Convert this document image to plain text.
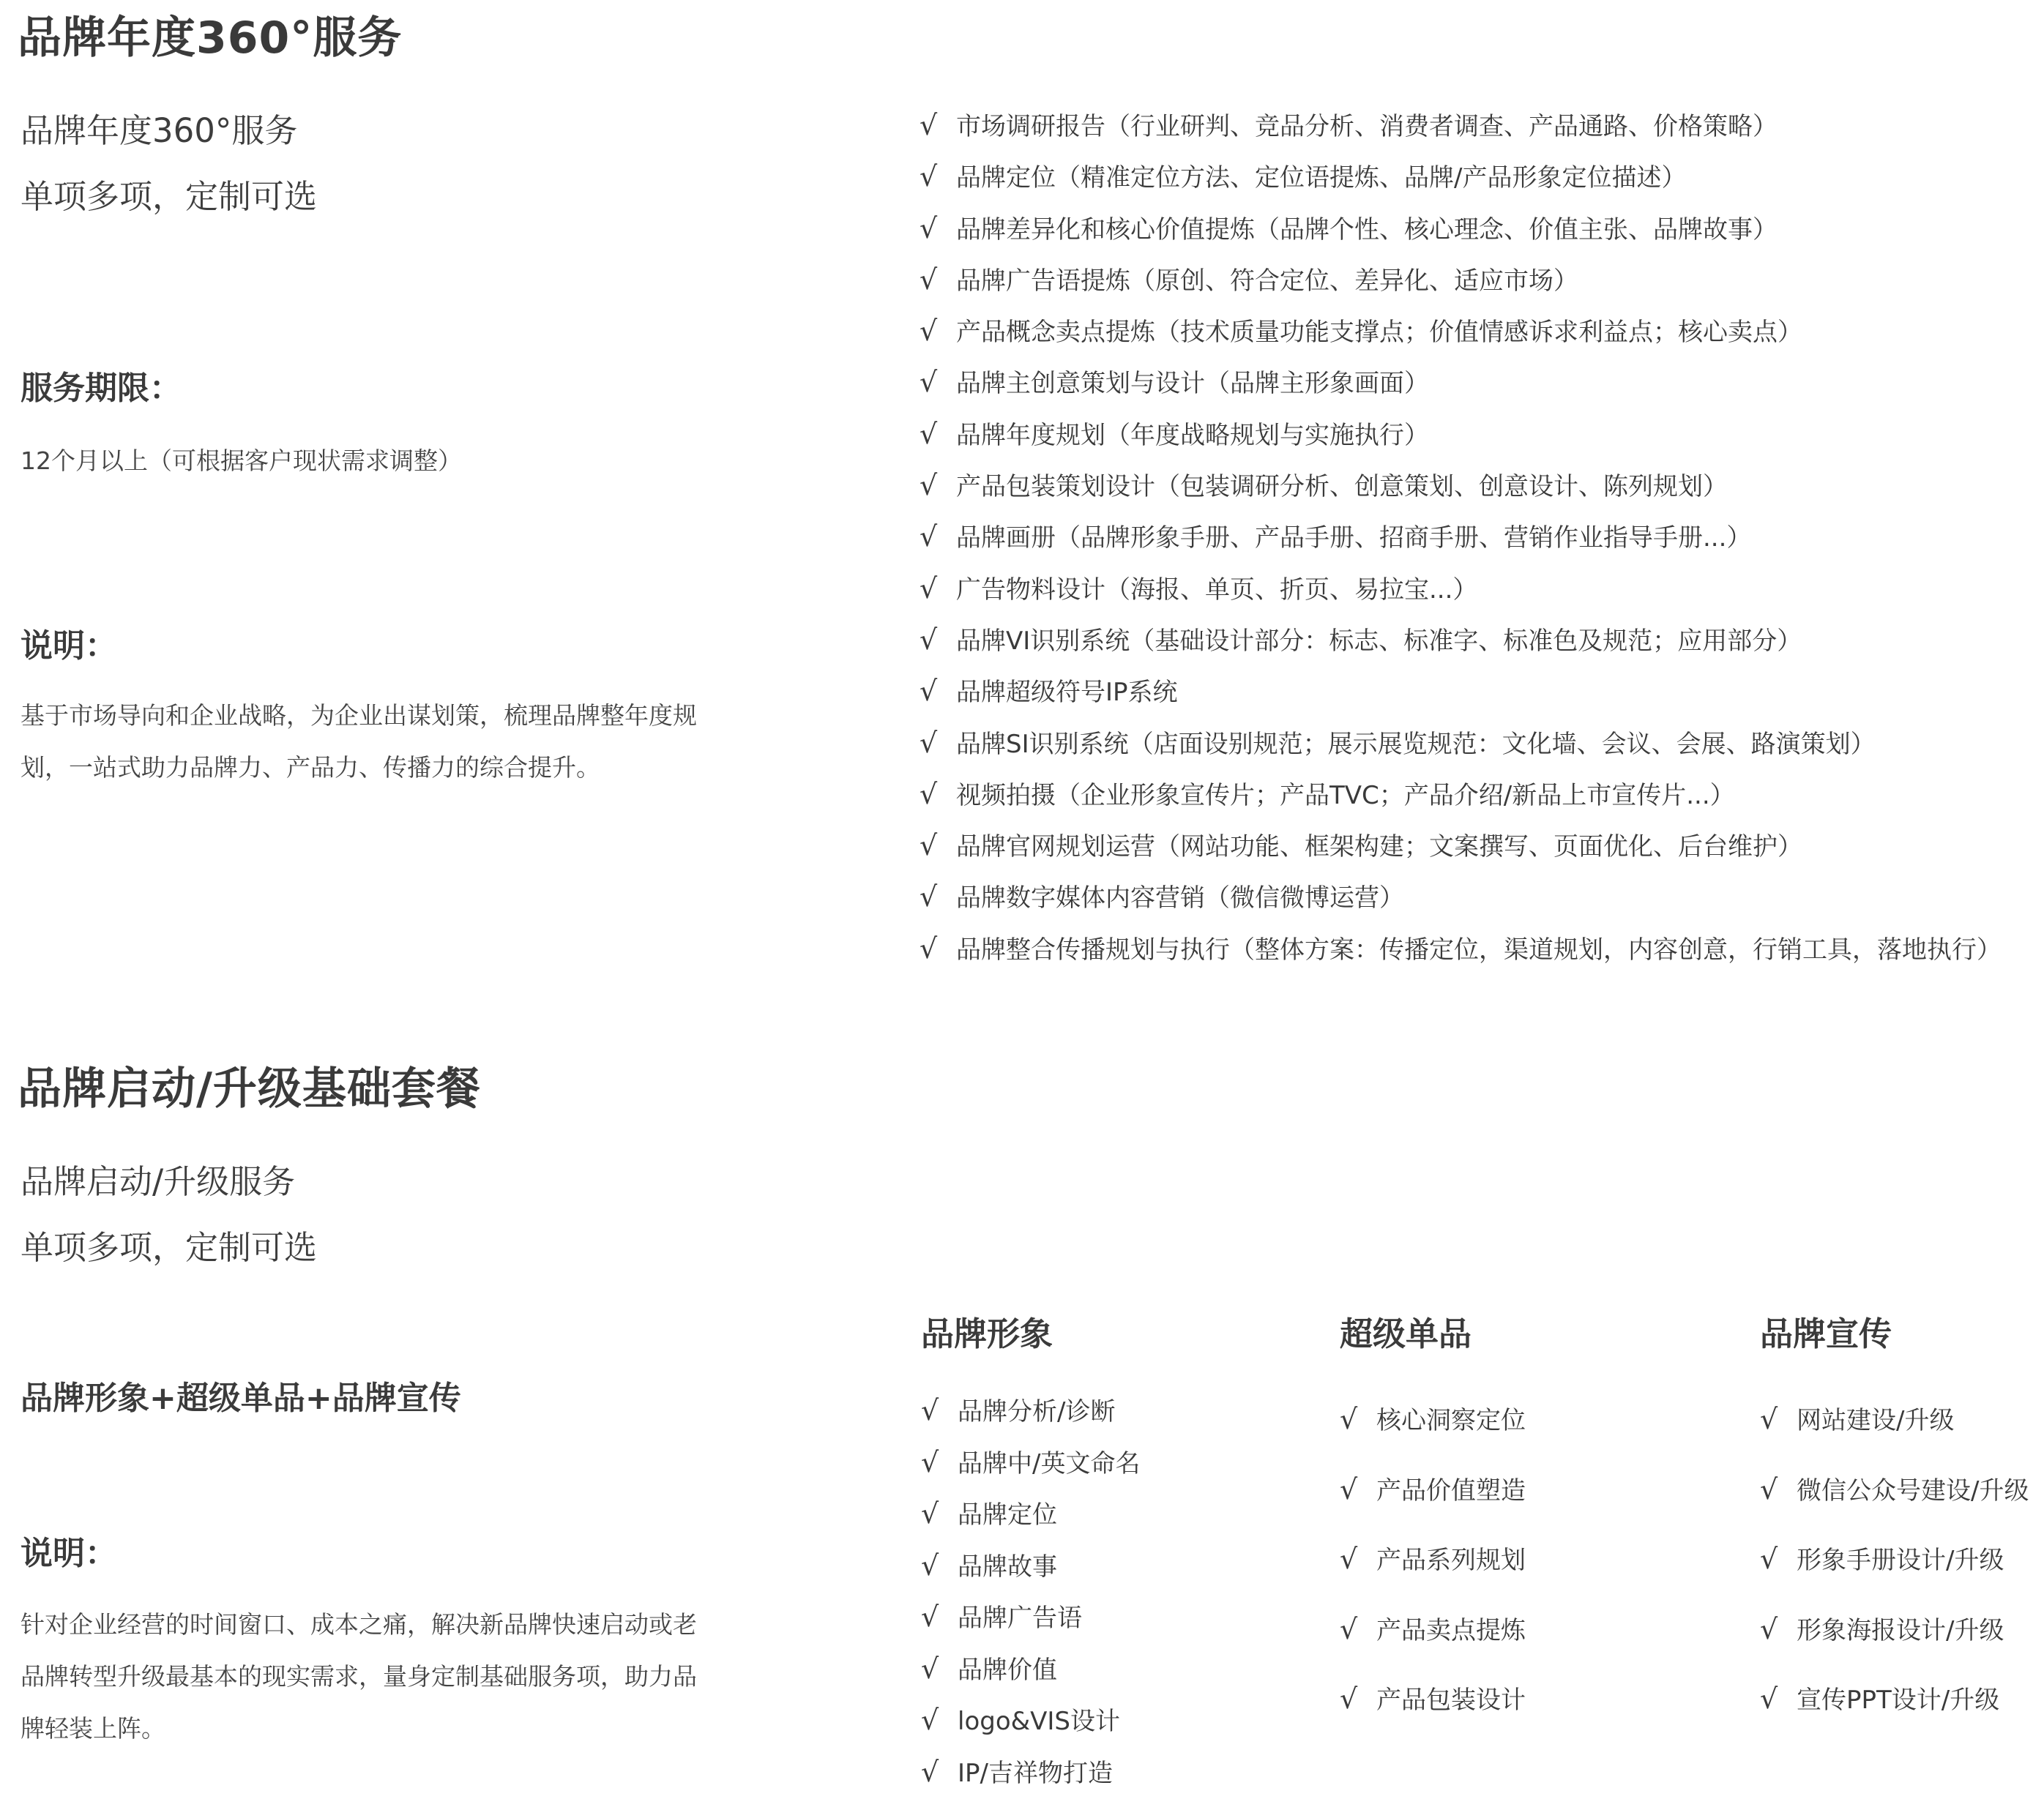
品牌年度360°服务
品牌年度360°服务
单项多项，定制可选
服务期限：
12个月以上（可根据客户现状需求调整）
说明：
基于市场导向和企业战略，为企业出谋划策，梳理品牌整年度规划，一站式助力品牌力、产品力、传播力的综合提升。
√ 市场调研报告（行业研判、竞品分析、消费者调查、产品通路、价格策略）
√ 品牌定位（精准定位方法、定位语提炼、品牌/产品形象定位描述）
√ 品牌差异化和核心价值提炼（品牌个性、核心理念、价值主张、品牌故事）
√ 品牌广告语提炼（原创、符合定位、差异化、适应市场）
√ 产品概念卖点提炼（技术质量功能支撑点；价值情感诉求利益点；核心卖点）
√ 品牌主创意策划与设计（品牌主形象画面）
√ 品牌年度规划（年度战略规划与实施执行）
√ 产品包装策划设计（包装调研分析、创意策划、创意设计、陈列规划）
√ 品牌画册（品牌形象手册、产品手册、招商手册、营销作业指导手册...）
√ 广告物料设计（海报、单页、折页、易拉宝...）
√ 品牌VI识别系统（基础设计部分：标志、标准字、标准色及规范；应用部分）
√ 品牌超级符号IP系统
√ 品牌SI识别系统（店面设别规范；展示展览规范：文化墙、会议、会展、路演策划）
√ 视频拍摄（企业形象宣传片；产品TVC；产品介绍/新品上市宣传片...）
√ 品牌官网规划运营（网站功能、框架构建；文案撰写、页面优化、后台维护）
√ 品牌数字媒体内容营销（微信微博运营）
√ 品牌整合传播规划与执行（整体方案：传播定位，渠道规划，内容创意，行销工具，落地执行）
品牌启动/升级基础套餐
品牌启动/升级服务
单项多项，定制可选
品牌形象+超级单品+品牌宣传
说明：
针对企业经营的时间窗口、成本之痛，解决新品牌快速启动或老品牌转型升级最基本的现实需求，量身定制基础服务项，助力品牌轻装上阵。
品牌形象
√ 品牌分析/诊断
√ 品牌中/英文命名
√ 品牌定位
√ 品牌故事
√ 品牌广告语
√ 品牌价值
√ logo&VIS设计
√ IP/吉祥物打造
超级单品
√ 核心洞察定位
√ 产品价值塑造
√ 产品系列规划
√ 产品卖点提炼
√ 产品包装设计
品牌宣传
√ 网站建设/升级
√ 微信公众号建设/升级
√ 形象手册设计/升级
√ 形象海报设计/升级
√ 宣传PPT设计/升级
